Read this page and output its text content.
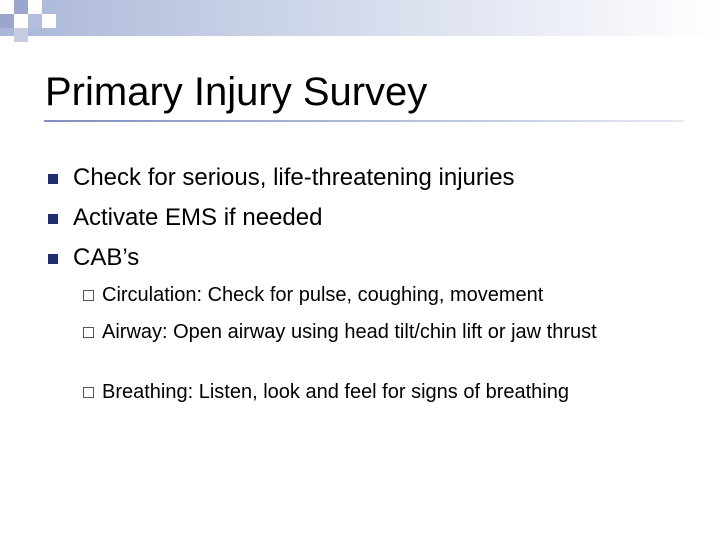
Primary Injury Survey
Check for serious, life-threatening injuries
Activate EMS if needed
CAB’s
Circulation: Check for pulse, coughing, movement
Airway: Open airway using head tilt/chin lift or jaw thrust
Breathing: Listen, look and feel for signs of breathing
